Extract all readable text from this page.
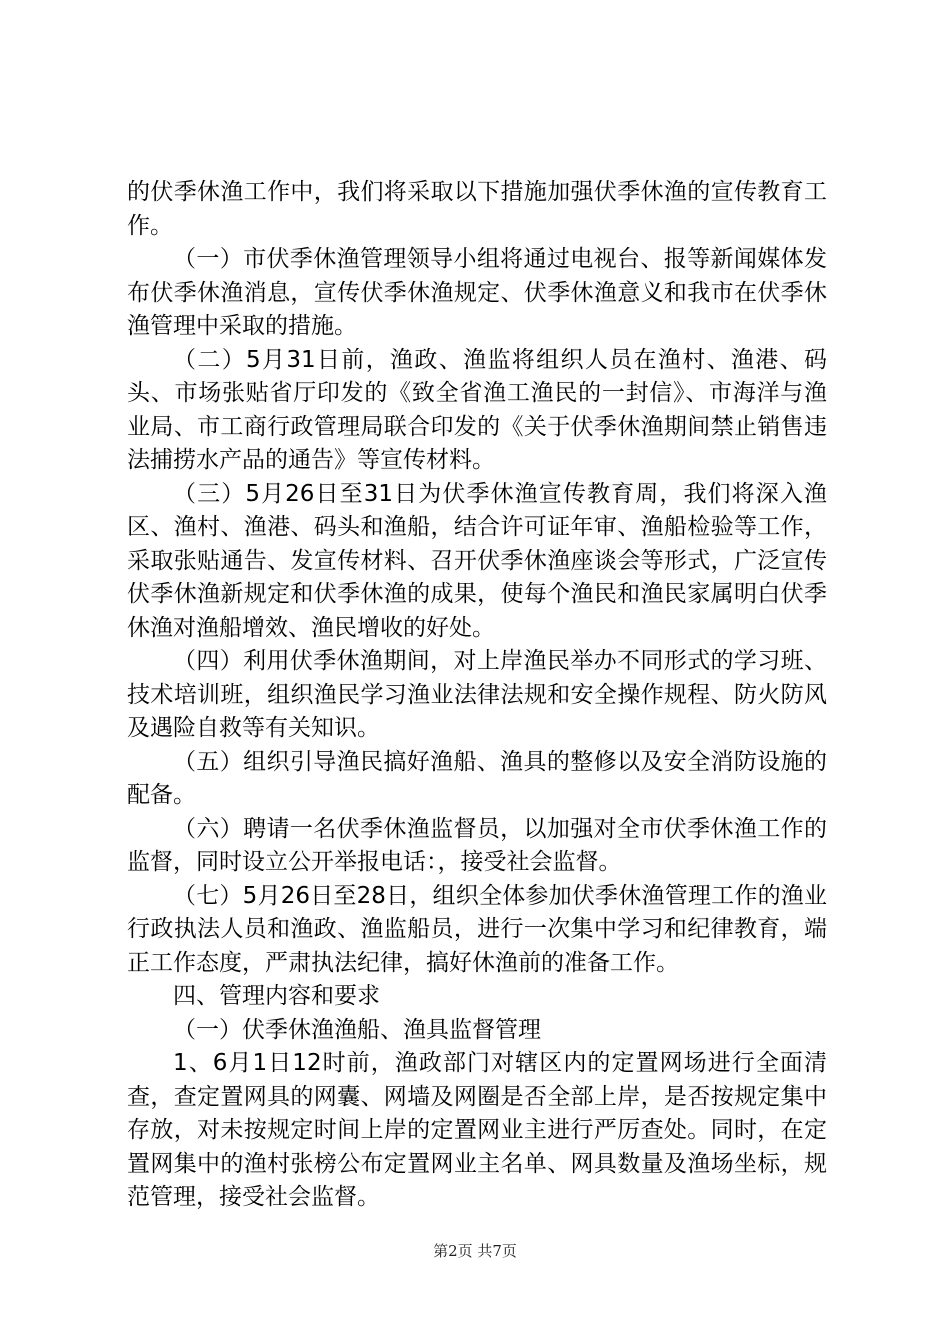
的伏季休渔工作中，我们将采取以下措施加强伏季休渔的宣传教育工作。

（一）市伏季休渔管理领导小组将通过电视台、报等新闻媒体发布伏季休渔消息，宣传伏季休渔规定、伏季休渔意义和我市在伏季休渔管理中采取的措施。

（二）5月31日前，渔政、渔监将组织人员在渔村、渔港、码头、市场张贴省厅印发的《致全省渔工渔民的一封信》、市海洋与渔业局、市工商行政管理局联合印发的《关于伏季休渔期间禁止销售违法捕捞水产品的通告》等宣传材料。

（三）5月26日至31日为伏季休渔宣传教育周，我们将深入渔区、渔村、渔港、码头和渔船，结合许可证年审、渔船检验等工作，采取张贴通告、发宣传材料、召开伏季休渔座谈会等形式，广泛宣传伏季休渔新规定和伏季休渔的成果，使每个渔民和渔民家属明白伏季休渔对渔船增效、渔民增收的好处。

（四）利用伏季休渔期间，对上岸渔民举办不同形式的学习班、技术培训班，组织渔民学习渔业法律法规和安全操作规程、防火防风及遇险自救等有关知识。

（五）组织引导渔民搞好渔船、渔具的整修以及安全消防设施的配备。

（六）聘请一名伏季休渔监督员，以加强对全市伏季休渔工作的监督，同时设立公开举报电话：，接受社会监督。

（七）5月26日至28日，组织全体参加伏季休渔管理工作的渔业行政执法人员和渔政、渔监船员，进行一次集中学习和纪律教育，端正工作态度，严肃执法纪律，搞好休渔前的准备工作。

四、管理内容和要求

（一）伏季休渔渔船、渔具监督管理

1、6月1日12时前，渔政部门对辖区内的定置网场进行全面清查，查定置网具的网囊、网墙及网圈是否全部上岸，是否按规定集中存放，对未按规定时间上岸的定置网业主进行严厉查处。同时，在定置网集中的渔村张榜公布定置网业主名单、网具数量及渔场坐标，规范管理，接受社会监督。

第2页 共7页
